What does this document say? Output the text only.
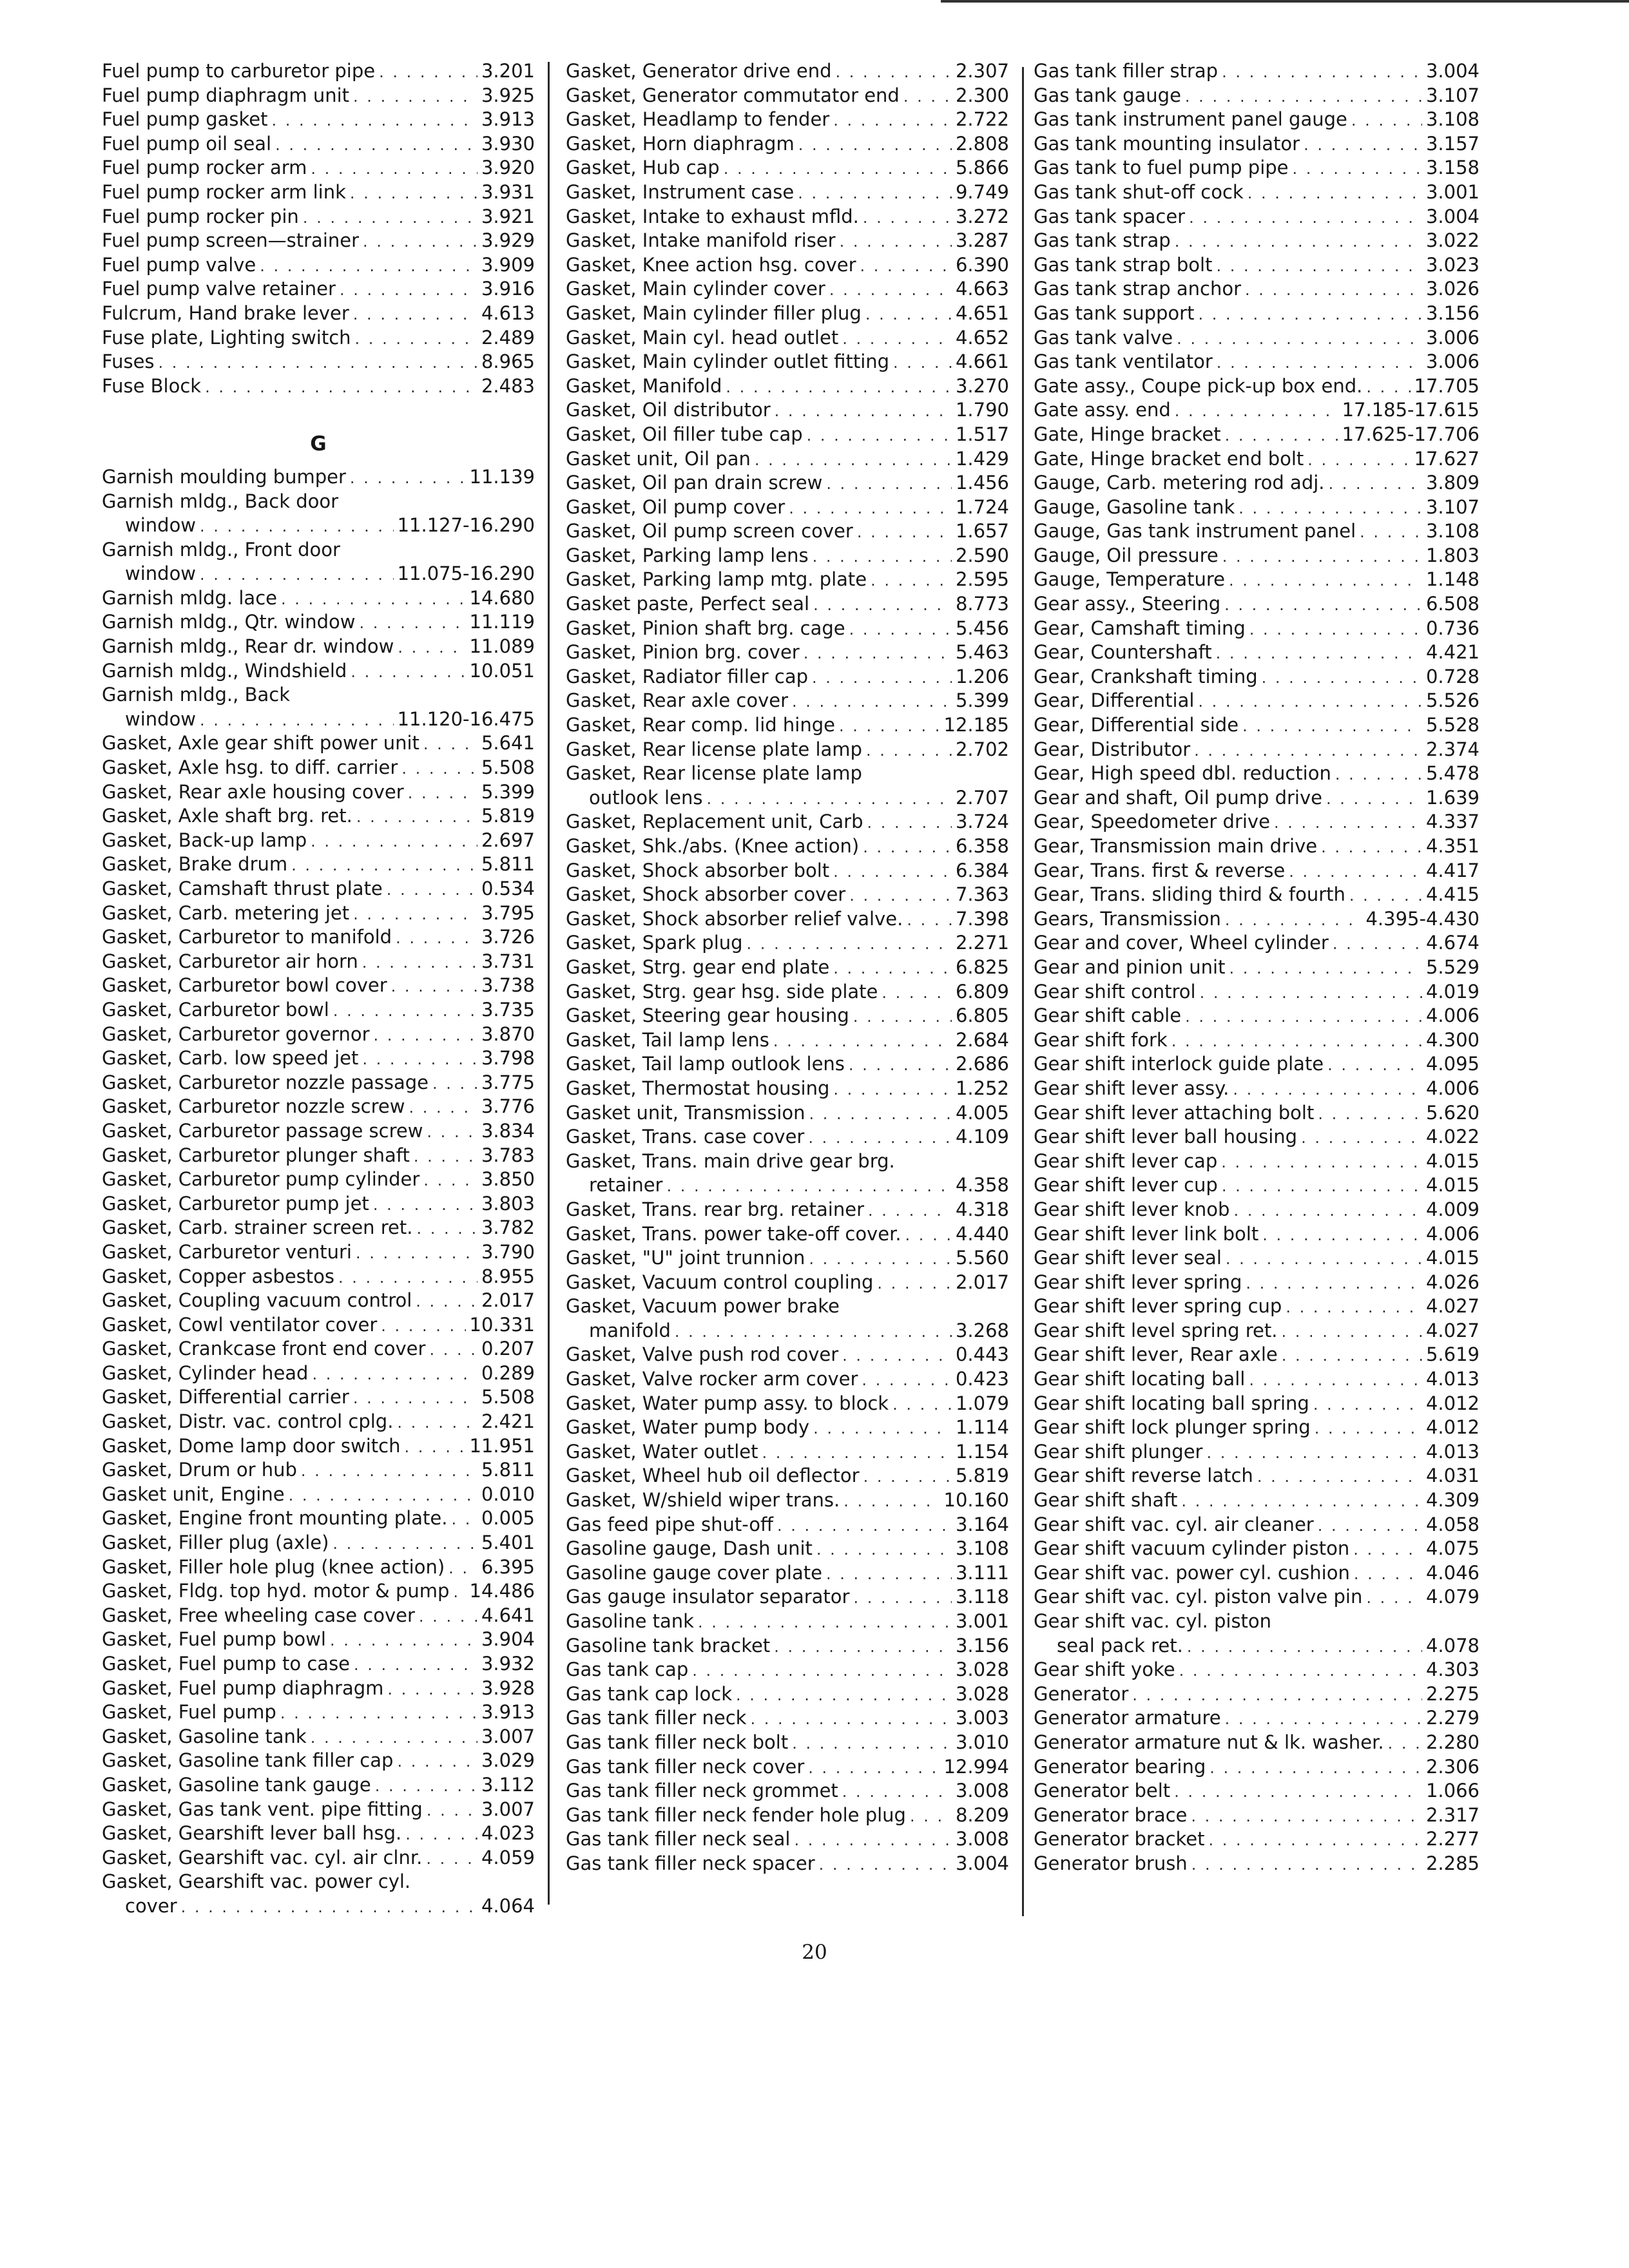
Fuel pump to carburetor pipe . . .	3.201
Fuel pump diaphragm unit . . .	3.925
Fuel pump gasket . . .	3.913
Fuel pump oil seal . . .	3.930
Fuel pump rocker arm . . .	3.920
Fuel pump rocker arm link . . .	3.931
Fuel pump rocker pin . . .	3.921
Fuel pump screen—strainer . . .	3.929
Fuel pump valve . . .	3.909
Fuel pump valve retainer . . .	3.916
Fulcrum, Hand brake lever . . .	4.613
Fuse plate, Lighting switch . . .	2.489
Fuses . . .	8.965
Fuse Block . . .	2.483
G
Garnish moulding bumper . . .	11.139
Garnish mldg., Back door
window . . .	11.127-16.290
Garnish mldg., Front door
window . . .	11.075-16.290
Garnish mldg. lace . . .	14.680
Garnish mldg., Qtr. window . . .	11.119
Garnish mldg., Rear dr. window . . .	11.089
Garnish mldg., Windshield . . .	10.051
Garnish mldg., Back
window . . .	11.120-16.475
Gasket, Axle gear shift power unit . . .	5.641
Gasket, Axle hsg. to diff. carrier . . .	5.508
Gasket, Rear axle housing cover . . .	5.399
Gasket, Axle shaft brg. ret. . . .	5.819
Gasket, Back-up lamp . . .	2.697
Gasket, Brake drum . . .	5.811
Gasket, Camshaft thrust plate . . .	0.534
Gasket, Carb. metering jet . . .	3.795
Gasket, Carburetor to manifold . . .	3.726
Gasket, Carburetor air horn . . .	3.731
Gasket, Carburetor bowl cover . . .	3.738
Gasket, Carburetor bowl . . .	3.735
Gasket, Carburetor governor . . .	3.870
Gasket, Carb. low speed jet . . .	3.798
Gasket, Carburetor nozzle passage . . .	3.775
Gasket, Carburetor nozzle screw . . .	3.776
Gasket, Carburetor passage screw . . .	3.834
Gasket, Carburetor plunger shaft . . .	3.783
Gasket, Carburetor pump cylinder . . .	3.850
Gasket, Carburetor pump jet . . .	3.803
Gasket, Carb. strainer screen ret. . . .	3.782
Gasket, Carburetor venturi . . .	3.790
Gasket, Copper asbestos . . .	8.955
Gasket, Coupling vacuum control . . .	2.017
Gasket, Cowl ventilator cover . . .	10.331
Gasket, Crankcase front end cover . . .	0.207
Gasket, Cylinder head . . .	0.289
Gasket, Differential carrier . . .	5.508
Gasket, Distr. vac. control cplg. . . .	2.421
Gasket, Dome lamp door switch . . .	11.951
Gasket, Drum or hub . . .	5.811
Gasket unit, Engine . . .	0.010
Gasket, Engine front mounting plate. . . . 0.005
Gasket, Filler plug (axle) . . .	5.401
Gasket, Filler hole plug (knee action) . . . 6.395
Gasket, Fldg. top hyd. motor & pump . . . 14.486
Gasket, Free wheeling case cover . . .	4.641
Gasket, Fuel pump bowl . . .	3.904
Gasket, Fuel pump to case . . .	3.932
Gasket, Fuel pump diaphragm . . .	3.928
Gasket, Fuel pump . . .	3.913
Gasket, Gasoline tank . . .	3.007
Gasket, Gasoline tank filler cap . . .	3.029
Gasket, Gasoline tank gauge . . .	3.112
Gasket, Gas tank vent. pipe fitting . . .	3.007
Gasket, Gearshift lever ball hsg. . . .	4.023
Gasket, Gearshift vac. cyl. air clnr. . . .	4.059
Gasket, Gearshift vac. power cyl.
cover . . .	4.064
Gasket, Generator drive end . . .	2.307
Gasket, Generator commutator end . . .	2.300
Gasket, Headlamp to fender . . .	2.722
Gasket, Horn diaphragm . . .	2.808
Gasket, Hub cap . . .	5.866
Gasket, Instrument case . . .	9.749
Gasket, Intake to exhaust mfld. . . .	3.272
Gasket, Intake manifold riser . . .	3.287
Gasket, Knee action hsg. cover . . .	6.390
Gasket, Main cylinder cover . . .	4.663
Gasket, Main cylinder filler plug . . .	4.651
Gasket, Main cyl. head outlet . . .	4.652
Gasket, Main cylinder outlet fitting . . .	4.661
Gasket, Manifold . . .	3.270
Gasket, Oil distributor . . .	1.790
Gasket, Oil filler tube cap . . .	1.517
Gasket unit, Oil pan . . .	1.429
Gasket, Oil pan drain screw . . .	1.456
Gasket, Oil pump cover . . .	1.724
Gasket, Oil pump screen cover . . .	1.657
Gasket, Parking lamp lens . . .	2.590
Gasket, Parking lamp mtg. plate . . .	2.595
Gasket paste, Perfect seal . . .	8.773
Gasket, Pinion shaft brg. cage . . .	5.456
Gasket, Pinion brg. cover . . .	5.463
Gasket, Radiator filler cap . . .	1.206
Gasket, Rear axle cover . . .	5.399
Gasket, Rear comp. lid hinge . . .	12.185
Gasket, Rear license plate lamp . . .	2.702
Gasket, Rear license plate lamp
outlook lens . . .	2.707
Gasket, Replacement unit, Carb . . .	3.724
Gasket, Shk./abs. (Knee action) . . .	6.358
Gasket, Shock absorber bolt . . .	6.384
Gasket, Shock absorber cover . . .	7.363
Gasket, Shock absorber relief valve. . . .	7.398
Gasket, Spark plug . . .	2.271
Gasket, Strg. gear end plate . . .	6.825
Gasket, Strg. gear hsg. side plate . . .	6.809
Gasket, Steering gear housing . . .	6.805
Gasket, Tail lamp lens . . .	2.684
Gasket, Tail lamp outlook lens . . .	2.686
Gasket, Thermostat housing . . .	1.252
Gasket unit, Transmission . . .	4.005
Gasket, Trans. case cover . . .	4.109
Gasket, Trans. main drive gear brg.
retainer . . .	4.358
Gasket, Trans. rear brg. retainer . . .	4.318
Gasket, Trans. power take-off cover. . . .	4.440
Gasket, "U" joint trunnion . . .	5.560
Gasket, Vacuum control coupling . . .	2.017
Gasket, Vacuum power brake
manifold . . .	3.268
Gasket, Valve push rod cover . . .	0.443
Gasket, Valve rocker arm cover . . .	0.423
Gasket, Water pump assy. to block . . .	1.079
Gasket, Water pump body . . .	1.114
Gasket, Water outlet . . .	1.154
Gasket, Wheel hub oil deflector . . .	5.819
Gasket, W/shield wiper trans. . . .	10.160
Gas feed pipe shut-off . . .	3.164
Gasoline gauge, Dash unit . . .	3.108
Gasoline gauge cover plate . . .	3.111
Gas gauge insulator separator . . .	3.118
Gasoline tank . . .	3.001
Gasoline tank bracket . . .	3.156
Gas tank cap . . .	3.028
Gas tank cap lock . . .	3.028
Gas tank filler neck . . .	3.003
Gas tank filler neck bolt . . .	3.010
Gas tank filler neck cover . . .	12.994
Gas tank filler neck grommet . . .	3.008
Gas tank filler neck fender hole plug . . .	8.209
Gas tank filler neck seal . . .	3.008
Gas tank filler neck spacer . . .	3.004
Gas tank filler strap . . .	3.004
Gas tank gauge . . .	3.107
Gas tank instrument panel gauge . . .	3.108
Gas tank mounting insulator . . .	3.157
Gas tank to fuel pump pipe . . .	3.158
Gas tank shut-off cock . . .	3.001
Gas tank spacer . . .	3.004
Gas tank strap . . .	3.022
Gas tank strap bolt . . .	3.023
Gas tank strap anchor . . .	3.026
Gas tank support . . .	3.156
Gas tank valve . . .	3.006
Gas tank ventilator . . .	3.006
Gate assy., Coupe pick-up box end. . . .	17.705
Gate assy. end . . .	17.185-17.615
Gate, Hinge bracket . . .	17.625-17.706
Gate, Hinge bracket end bolt . . .	17.627
Gauge, Carb. metering rod adj. . . .	3.809
Gauge, Gasoline tank . . .	3.107
Gauge, Gas tank instrument panel . . .	3.108
Gauge, Oil pressure . . .	1.803
Gauge, Temperature . . .	1.148
Gear assy., Steering . . .	6.508
Gear, Camshaft timing . . .	0.736
Gear, Countershaft . . .	4.421
Gear, Crankshaft timing . . .	0.728
Gear, Differential . . .	5.526
Gear, Differential side . . .	5.528
Gear, Distributor . . .	2.374
Gear, High speed dbl. reduction . . .	5.478
Gear and shaft, Oil pump drive . . .	1.639
Gear, Speedometer drive . . .	4.337
Gear, Transmission main drive . . .	4.351
Gear, Trans. first & reverse . . .	4.417
Gear, Trans. sliding third & fourth . . .	4.415
Gears, Transmission . . .	4.395-4.430
Gear and cover, Wheel cylinder . . .	4.674
Gear and pinion unit . . .	5.529
Gear shift control . . .	4.019
Gear shift cable . . .	4.006
Gear shift fork . . .	4.300
Gear shift interlock guide plate . . .	4.095
Gear shift lever assy. . . .	4.006
Gear shift lever attaching bolt . . .	5.620
Gear shift lever ball housing . . .	4.022
Gear shift lever cap . . .	4.015
Gear shift lever cup . . .	4.015
Gear shift lever knob . . .	4.009
Gear shift lever link bolt . . .	4.006
Gear shift lever seal . . .	4.015
Gear shift lever spring . . .	4.026
Gear shift lever spring cup . . .	4.027
Gear shift level spring ret. . . .	4.027
Gear shift lever, Rear axle . . .	5.619
Gear shift locating ball . . .	4.013
Gear shift locating ball spring . . .	4.012
Gear shift lock plunger spring . . .	4.012
Gear shift plunger . . .	4.013
Gear shift reverse latch . . .	4.031
Gear shift shaft . . .	4.309
Gear shift vac. cyl. air cleaner . . .	4.058
Gear shift vacuum cylinder piston . . .	4.075
Gear shift vac. power cyl. cushion . . .	4.046
Gear shift vac. cyl. piston valve pin . . .	4.079
Gear shift vac. cyl. piston
seal pack ret. . . .	4.078
Gear shift yoke . . .	4.303
Generator . . .	2.275
Generator armature . . .	2.279
Generator armature nut & lk. washer. . . . 2.280
Generator bearing . . .	2.306
Generator belt . . .	1.066
Generator brace . . .	2.317
Generator bracket . . .	2.277
Generator brush . . .	2.285
20
